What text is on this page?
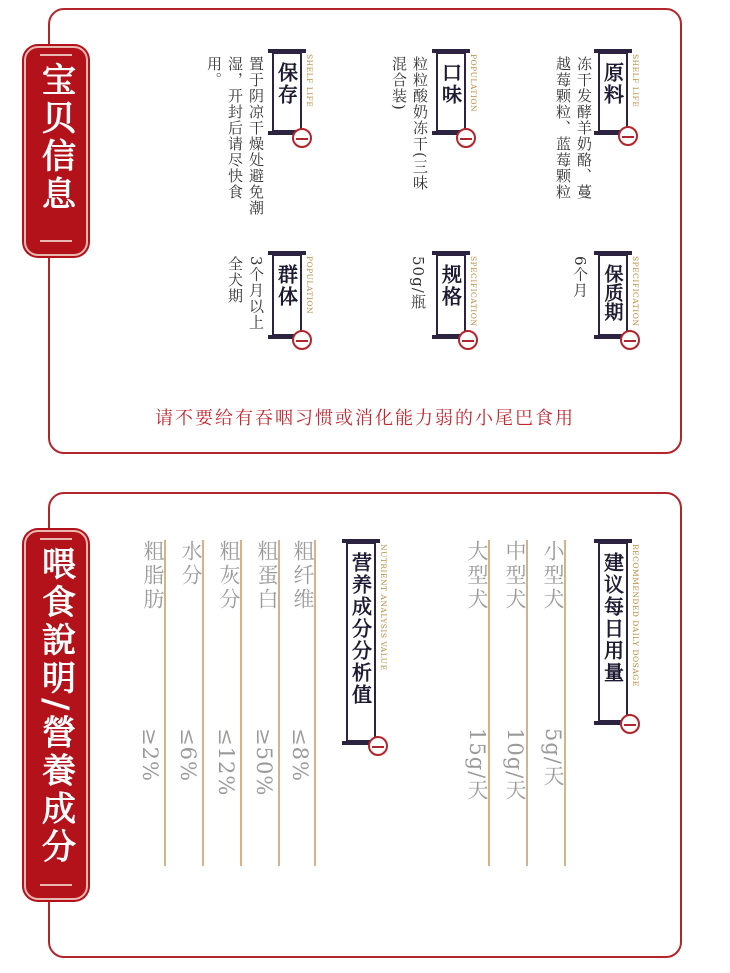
宝贝信息
喂食說明/營養成分
原料 SHELF LIFE
冻干发酵羊奶酪、蔓越莓颗粒、蓝莓颗粒
口味 POPULATION
粒粒酸奶冻干(三味混合装)
保存 SHELF LIFE
置于阴凉干燥处避免潮湿，开封后请尽快食用。
保质期	SPECIFICATION
6个月
规格 SPECIFICATION
50g/瓶
群体 POPULATION
3个月以上全犬期
请不要给有吞咽习惯或消化能力弱的小尾巴食用
建议每日用量 RECOMMENDED DAILY DOSAGE
营养成分分析值 NUTRIENT ANALYSIS VALUE	小型犬
5g/天
中型犬
10g/天
大型犬
15g/天
粗纤维
≤8%
粗蛋白
≥50%
粗灰分
≤12%
水分
≤6%
粗脂肪
≥2%
